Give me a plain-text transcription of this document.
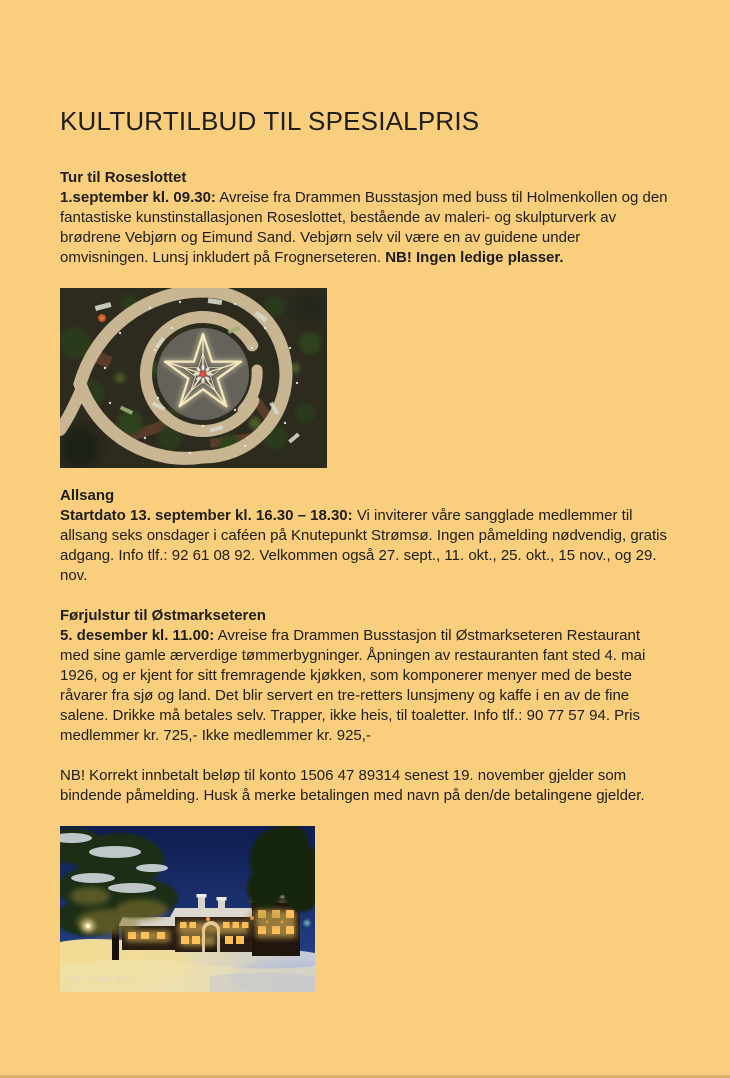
KULTURTILBUD TIL SPESIALPRIS

Tur til Roseslottet
1.september kl. 09.30: Avreise fra Drammen Busstasjon med buss til Holmenkollen og den fantastiske kunstinstallasjonen Roseslottet, bestående av maleri- og skulpturverk av brødrene Vebjørn og Eimund Sand. Vebjørn selv vil være en av guidene under omvisningen. Lunsj inkludert på Frognerseteren. NB! Ingen ledige plasser.

Allsang
Startdato 13. september kl. 16.30 – 18.30: Vi inviterer våre sangglade medlemmer til allsang seks onsdager i caféen på Knutepunkt Strømsø. Ingen påmelding nødvendig, gratis adgang. Info tlf.: 92 61 08 92. Velkommen også 27. sept., 11. okt., 25. okt., 15 nov., og 29. nov.

Førjulstur til Østmarkseteren
5. desember kl. 11.00: Avreise fra Drammen Busstasjon til Østmarkseteren Restaurant med sine gamle ærverdige tømmerbygninger. Åpningen av restauranten fant sted 4. mai 1926, og er kjent for sitt fremragende kjøkken, som komponerer menyer med de beste råvarer fra sjø og land. Det blir servert en tre-retters lunsjmeny og kaffe i en av de fine salene. Drikke må betales selv. Trapper, ikke heis, til toaletter. Info tlf.: 90 77 57 94. Pris medlemmer kr. 725,- Ikke medlemmer kr. 925,-

NB! Korrekt innbetalt beløp til konto 1506 47 89314 senest 19. november gjelder som bindende påmelding. Husk å merke betalingen med navn på den/de betalingene gjelder.

Foto: Espen Bratlie
